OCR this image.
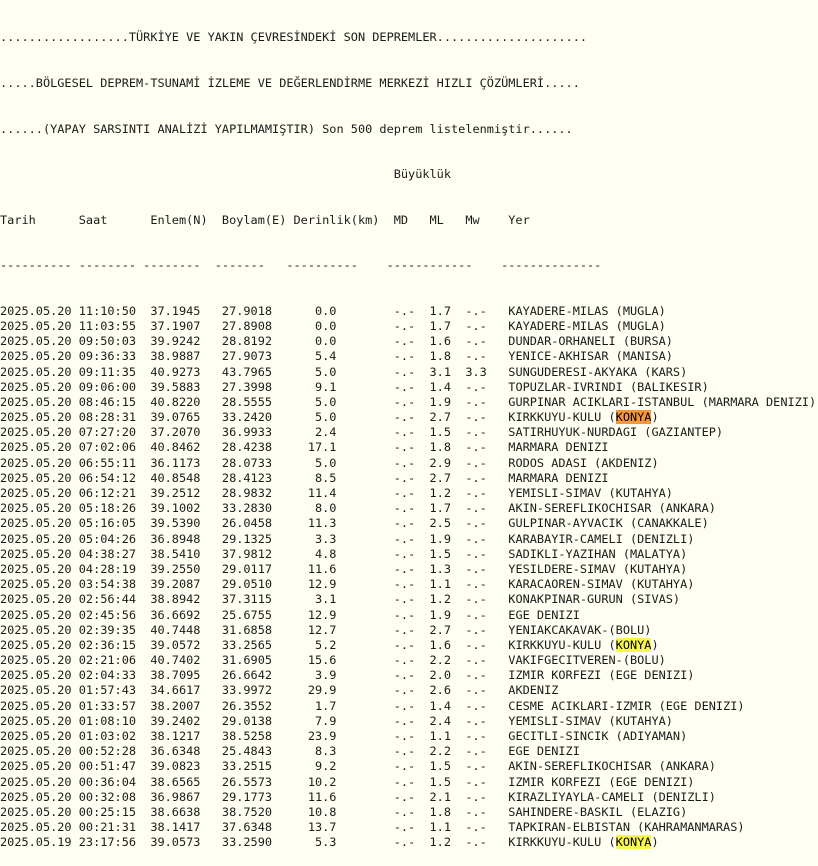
..................TÜRKİYE VE YAKIN ÇEVRESİNDEKİ SON DEPREMLER.....................

.....BÖLGESEL DEPREM-TSUNAMİ İZLEME VE DEĞERLENDİRME MERKEZİ HIZLI ÇÖZÜMLERİ.....

......(YAPAY SARSINTI ANALİZİ YAPILMAMIŞTIR) Son 500 deprem listelenmiştir......

Büyüklük

Tarih      Saat      Enlem(N)  Boylam(E) Derinlik(km)  MD   ML   Mw    Yer

---------- -------- --------  -------   ----------    ------------    --------------

2025.05.20 11:10:50  37.1945   27.9018      0.0        -.-  1.7  -.-   KAYADERE-MILAS (MUGLA)
2025.05.20 11:03:55  37.1907   27.8908      0.0        -.-  1.7  -.-   KAYADERE-MILAS (MUGLA)
2025.05.20 09:50:03  39.9242   28.8192      0.0        -.-  1.6  -.-   DUNDAR-ORHANELI (BURSA)
2025.05.20 09:36:33  38.9887   27.9073      5.4        -.-  1.8  -.-   YENICE-AKHISAR (MANISA)
2025.05.20 09:11:35  40.9273   43.7965      5.0        -.-  3.1  3.3   SUNGUDERESI-AKYAKA (KARS)
2025.05.20 09:06:00  39.5883   27.3998      9.1        -.-  1.4  -.-   TOPUZLAR-IVRINDI (BALIKESIR)
2025.05.20 08:46:15  40.8220   28.5555      5.0        -.-  1.9  -.-   GURPINAR ACIKLARI-ISTANBUL (MARMARA DENIZI)
2025.05.20 08:28:31  39.0765   33.2420      5.0        -.-  2.7  -.-   KIRKKUYU-KULU (KONYA)
2025.05.20 07:27:20  37.2070   36.9933      2.4        -.-  1.5  -.-   SATIRHUYUK-NURDAGI (GAZIANTEP)
2025.05.20 07:02:06  40.8462   28.4238     17.1        -.-  1.8  -.-   MARMARA DENIZI
2025.05.20 06:55:11  36.1173   28.0733      5.0        -.-  2.9  -.-   RODOS ADASI (AKDENIZ)
2025.05.20 06:54:12  40.8548   28.4123      8.5        -.-  2.7  -.-   MARMARA DENIZI
2025.05.20 06:12:21  39.2512   28.9832     11.4        -.-  1.2  -.-   YEMISLI-SIMAV (KUTAHYA)
2025.05.20 05:18:26  39.1002   33.2830      8.0        -.-  1.7  -.-   AKIN-SEREFLIKOCHISAR (ANKARA)
2025.05.20 05:16:05  39.5390   26.0458     11.3        -.-  2.5  -.-   GULPINAR-AYVACIK (CANAKKALE)
2025.05.20 05:04:26  36.8948   29.1325      3.3        -.-  1.9  -.-   KARABAYIR-CAMELI (DENIZLI)
2025.05.20 04:38:27  38.5410   37.9812      4.8        -.-  1.5  -.-   SADIKLI-YAZIHAN (MALATYA)
2025.05.20 04:28:19  39.2550   29.0117     11.6        -.-  1.3  -.-   YESILDERE-SIMAV (KUTAHYA)
2025.05.20 03:54:38  39.2087   29.0510     12.9        -.-  1.1  -.-   KARACAOREN-SIMAV (KUTAHYA)
2025.05.20 02:56:44  38.8942   37.3115      3.1        -.-  1.2  -.-   KONAKPINAR-GURUN (SIVAS)
2025.05.20 02:45:56  36.6692   25.6755     12.9        -.-  1.9  -.-   EGE DENIZI
2025.05.20 02:39:35  40.7448   31.6858     12.7        -.-  2.7  -.-   YENIAKCAKAVAK-(BOLU)
2025.05.20 02:36:15  39.0572   33.2565      5.2        -.-  1.6  -.-   KIRKKUYU-KULU (KONYA)
2025.05.20 02:21:06  40.7402   31.6905     15.6        -.-  2.2  -.-   VAKIFGECITVEREN-(BOLU)
2025.05.20 02:04:33  38.7095   26.6642      3.9        -.-  2.0  -.-   IZMIR KORFEZI (EGE DENIZI)
2025.05.20 01:57:43  34.6617   33.9972     29.9        -.-  2.6  -.-   AKDENIZ
2025.05.20 01:33:57  38.2007   26.3552      1.7        -.-  1.4  -.-   CESME ACIKLARI-IZMIR (EGE DENIZI)
2025.05.20 01:08:10  39.2402   29.0138      7.9        -.-  2.4  -.-   YEMISLI-SIMAV (KUTAHYA)
2025.05.20 01:03:02  38.1217   38.5258     23.9        -.-  1.1  -.-   GECITLI-SINCIK (ADIYAMAN)
2025.05.20 00:52:28  36.6348   25.4843      8.3        -.-  2.2  -.-   EGE DENIZI
2025.05.20 00:51:47  39.0823   33.2515      9.2        -.-  1.5  -.-   AKIN-SEREFLIKOCHISAR (ANKARA)
2025.05.20 00:36:04  38.6565   26.5573     10.2        -.-  1.5  -.-   IZMIR KORFEZI (EGE DENIZI)
2025.05.20 00:32:08  36.9867   29.1773     11.6        -.-  2.1  -.-   KIRAZLIYAYLA-CAMELI (DENIZLI)
2025.05.20 00:25:15  38.6638   38.7520     10.8        -.-  1.8  -.-   SAHINDERE-BASKIL (ELAZIG)
2025.05.20 00:21:31  38.1417   37.6348     13.7        -.-  1.1  -.-   TAPKIRAN-ELBISTAN (KAHRAMANMARAS)
2025.05.19 23:17:56  39.0573   33.2590      5.3        -.-  1.2  -.-   KIRKKUYU-KULU (KONYA)
